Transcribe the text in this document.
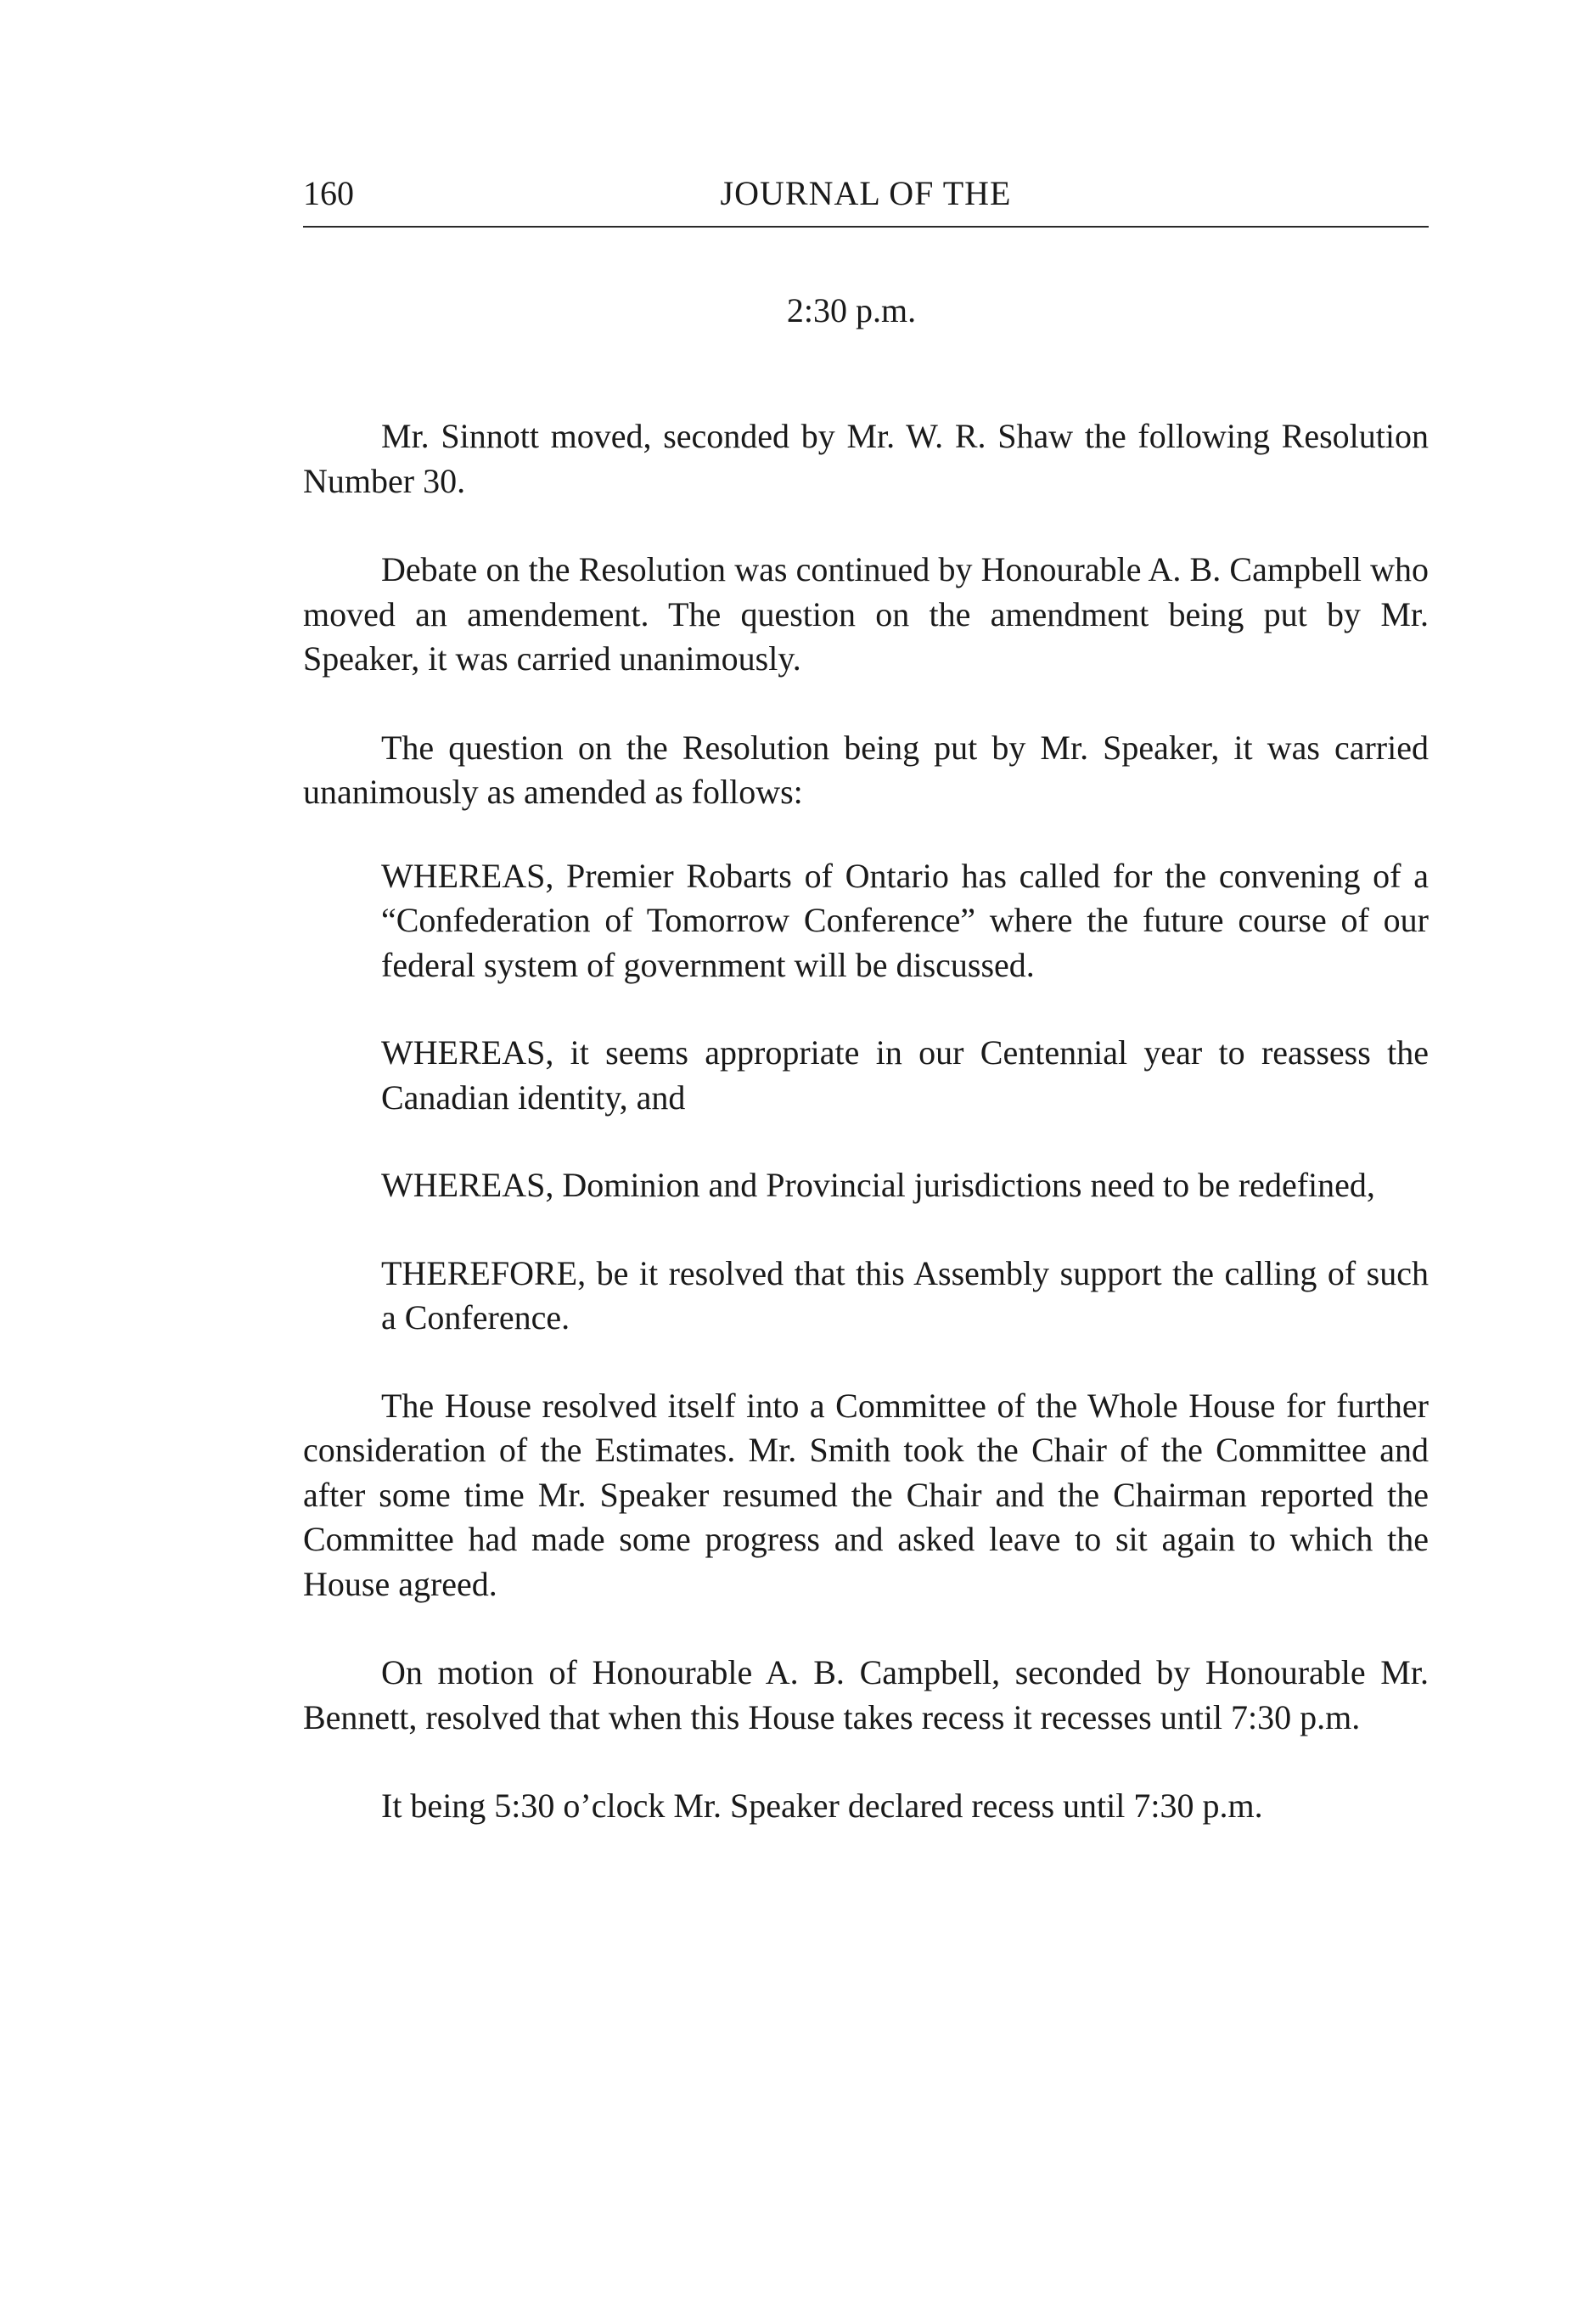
160	JOURNAL OF THE
2:30 p.m.

Mr. Sinnott moved, seconded by Mr. W. R. Shaw the following Resolution Number 30.

Debate on the Resolution was continued by Honourable A. B. Campbell who moved an amendement. The question on the amendment being put by Mr. Speaker, it was carried unanimously.

The question on the Resolution being put by Mr. Speaker, it was carried unanimously as amended as follows:

WHEREAS, Premier Robarts of Ontario has called for the convening of a “Confederation of Tomorrow Conference” where the future course of our federal system of government will be discussed.

WHEREAS, it seems appropriate in our Centennial year to reassess the Canadian identity, and

WHEREAS, Dominion and Provincial jurisdictions need to be redefined,

THEREFORE, be it resolved that this Assembly support the calling of such a Conference.

The House resolved itself into a Committee of the Whole House for further consideration of the Estimates. Mr. Smith took the Chair of the Committee and after some time Mr. Speaker resumed the Chair and the Chairman reported the Committee had made some progress and asked leave to sit again to which the House agreed.

On motion of Honourable A. B. Campbell, seconded by Honourable Mr. Bennett, resolved that when this House takes recess it recesses until 7:30 p.m.

It being 5:30 o’clock Mr. Speaker declared recess until 7:30 p.m.
